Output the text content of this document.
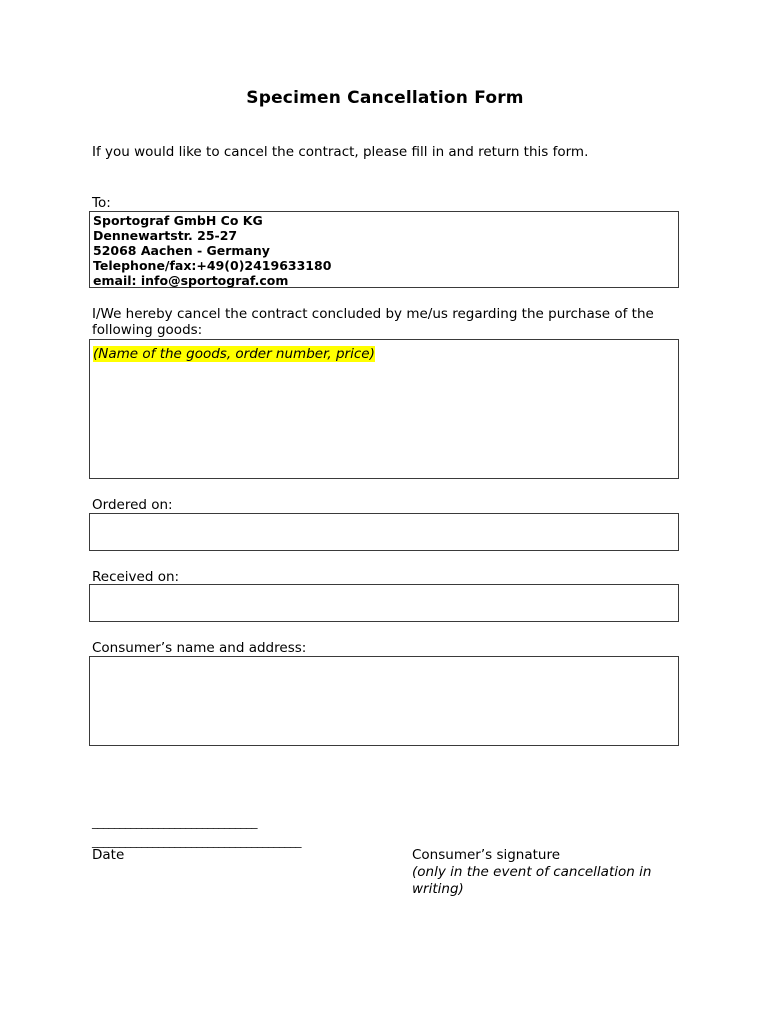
Specimen Cancellation Form
If you would like to cancel the contract, please fill in and return this form.
To:
Sportograf GmbH Co KG
Dennewartstr. 25-27
52068 Aachen - Germany
Telephone/fax:+49(0)2419633180
email: info@sportograf.com
I/We hereby cancel the contract concluded by me/us regarding the purchase of the following goods:
(Name of the goods, order number, price)
Ordered on:
Received on:
Consumer’s name and address:
______________________________
______________________________________
Date	Consumer’s signature
(only in the event of cancellation in writing)
